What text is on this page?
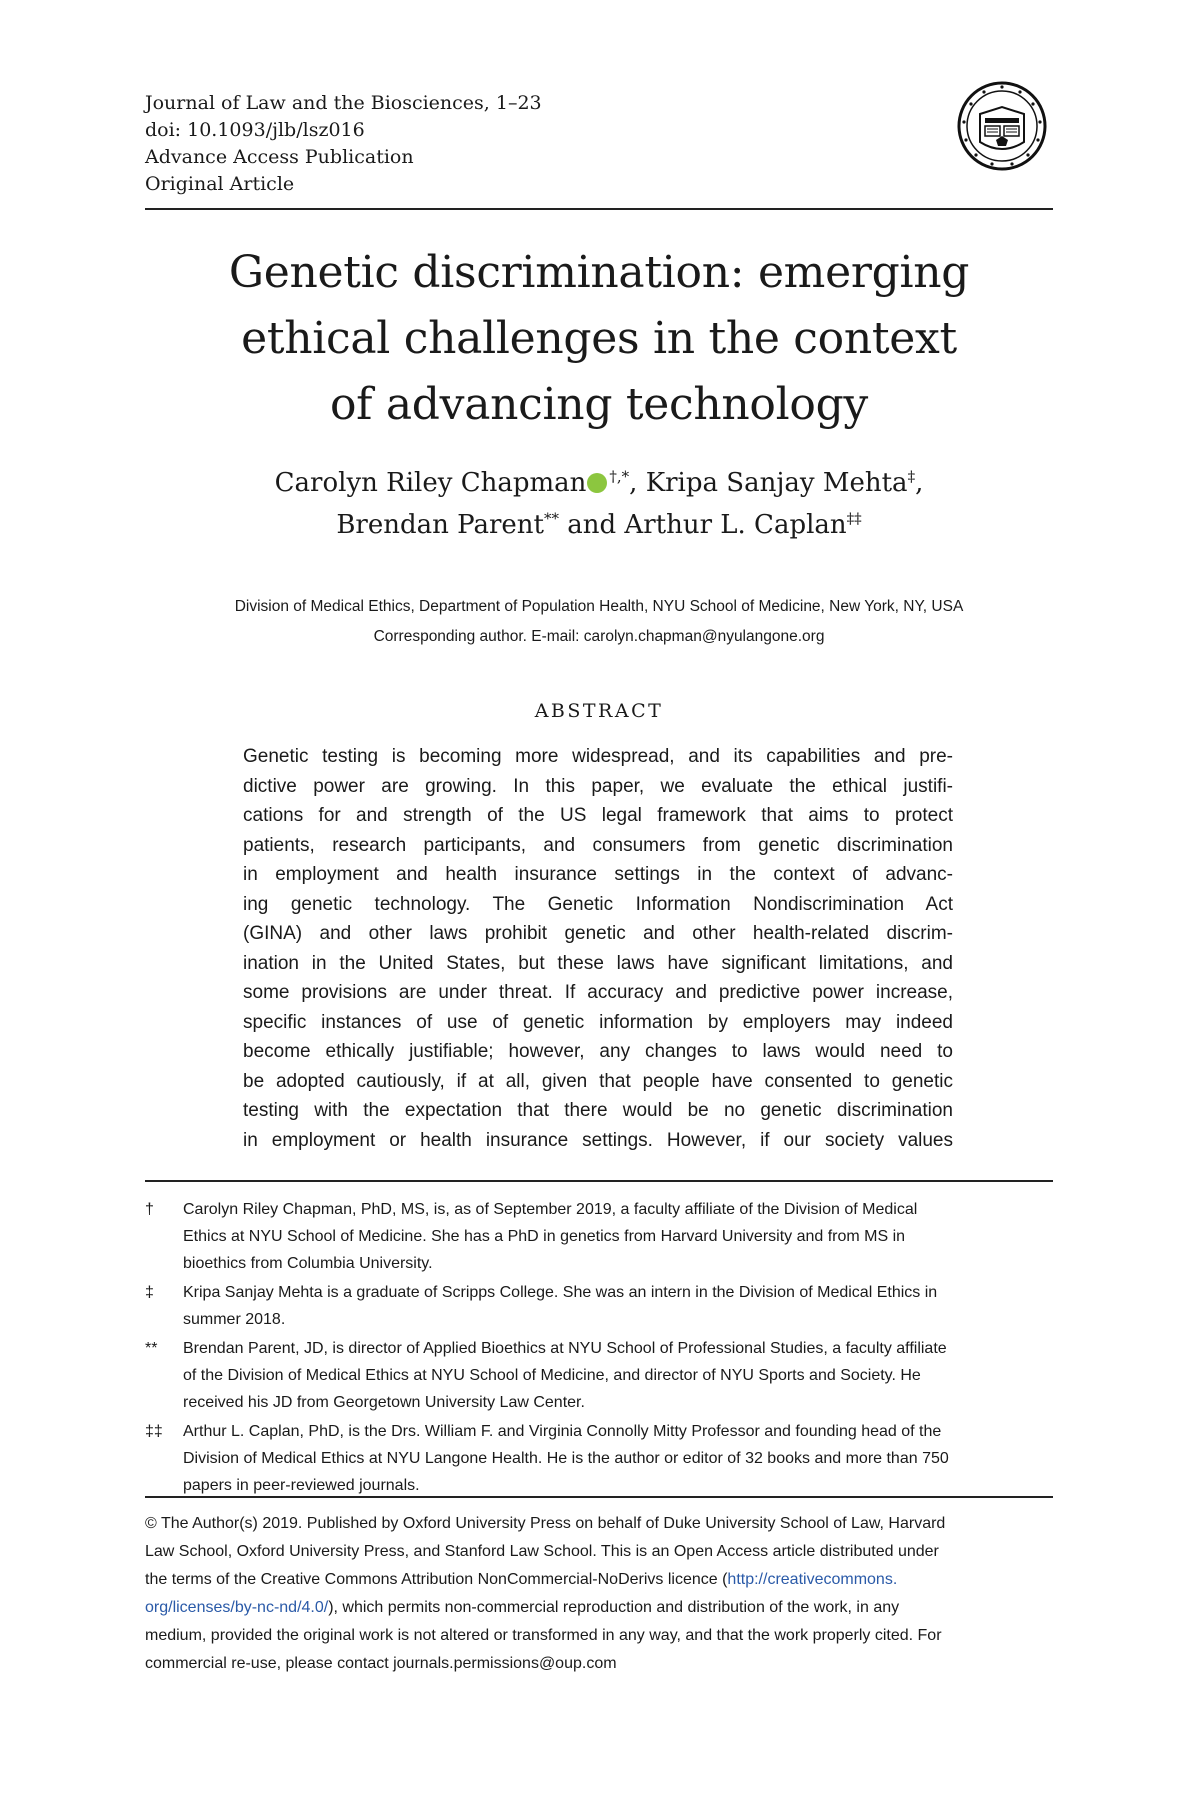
Journal of Law and the Biosciences, 1–23
doi: 10.1093/jlb/lsz016
Advance Access Publication
Original Article
Genetic discrimination: emerging
ethical challenges in the context
of advancing technology
Carolyn Riley Chapman †,*, Kripa Sanjay Mehta‡,
Brendan Parent** and Arthur L. Caplan‡‡
Division of Medical Ethics, Department of Population Health, NYU School of Medicine, New York, NY, USA
Corresponding author. E-mail: carolyn.chapman@nyulangone.org
ABSTRACT
Genetic testing is becoming more widespread, and its capabilities and pre-
dictive power are growing. In this paper, we evaluate the ethical justifi-
cations for and strength of the US legal framework that aims to protect
patients, research participants, and consumers from genetic discrimination
in employment and health insurance settings in the context of advanc-
ing genetic technology. The Genetic Information Nondiscrimination Act
(GINA) and other laws prohibit genetic and other health-related discrim-
ination in the United States, but these laws have significant limitations, and
some provisions are under threat. If accuracy and predictive power increase,
specific instances of use of genetic information by employers may indeed
become ethically justifiable; however, any changes to laws would need to
be adopted cautiously, if at all, given that people have consented to genetic
testing with the expectation that there would be no genetic discrimination
in employment or health insurance settings. However, if our society values
†	Carolyn Riley Chapman, PhD, MS, is, as of September 2019, a faculty affiliate of the Division of Medical
Ethics at NYU School of Medicine. She has a PhD in genetics from Harvard University and from MS in
bioethics from Columbia University.
‡	Kripa Sanjay Mehta is a graduate of Scripps College. She was an intern in the Division of Medical Ethics in
summer 2018.
**	Brendan Parent, JD, is director of Applied Bioethics at NYU School of Professional Studies, a faculty affiliate
of the Division of Medical Ethics at NYU School of Medicine, and director of NYU Sports and Society. He
received his JD from Georgetown University Law Center.
‡‡	Arthur L. Caplan, PhD, is the Drs. William F. and Virginia Connolly Mitty Professor and founding head of the
Division of Medical Ethics at NYU Langone Health. He is the author or editor of 32 books and more than 750
papers in peer-reviewed journals.
© The Author(s) 2019. Published by Oxford University Press on behalf of Duke University School of Law, Harvard
Law School, Oxford University Press, and Stanford Law School. This is an Open Access article distributed under
the terms of the Creative Commons Attribution NonCommercial-NoDerivs licence (http://creativecommons.
org/licenses/by-nc-nd/4.0/), which permits non-commercial reproduction and distribution of the work, in any
medium, provided the original work is not altered or transformed in any way, and that the work properly cited. For
commercial re-use, please contact journals.permissions@oup.com
